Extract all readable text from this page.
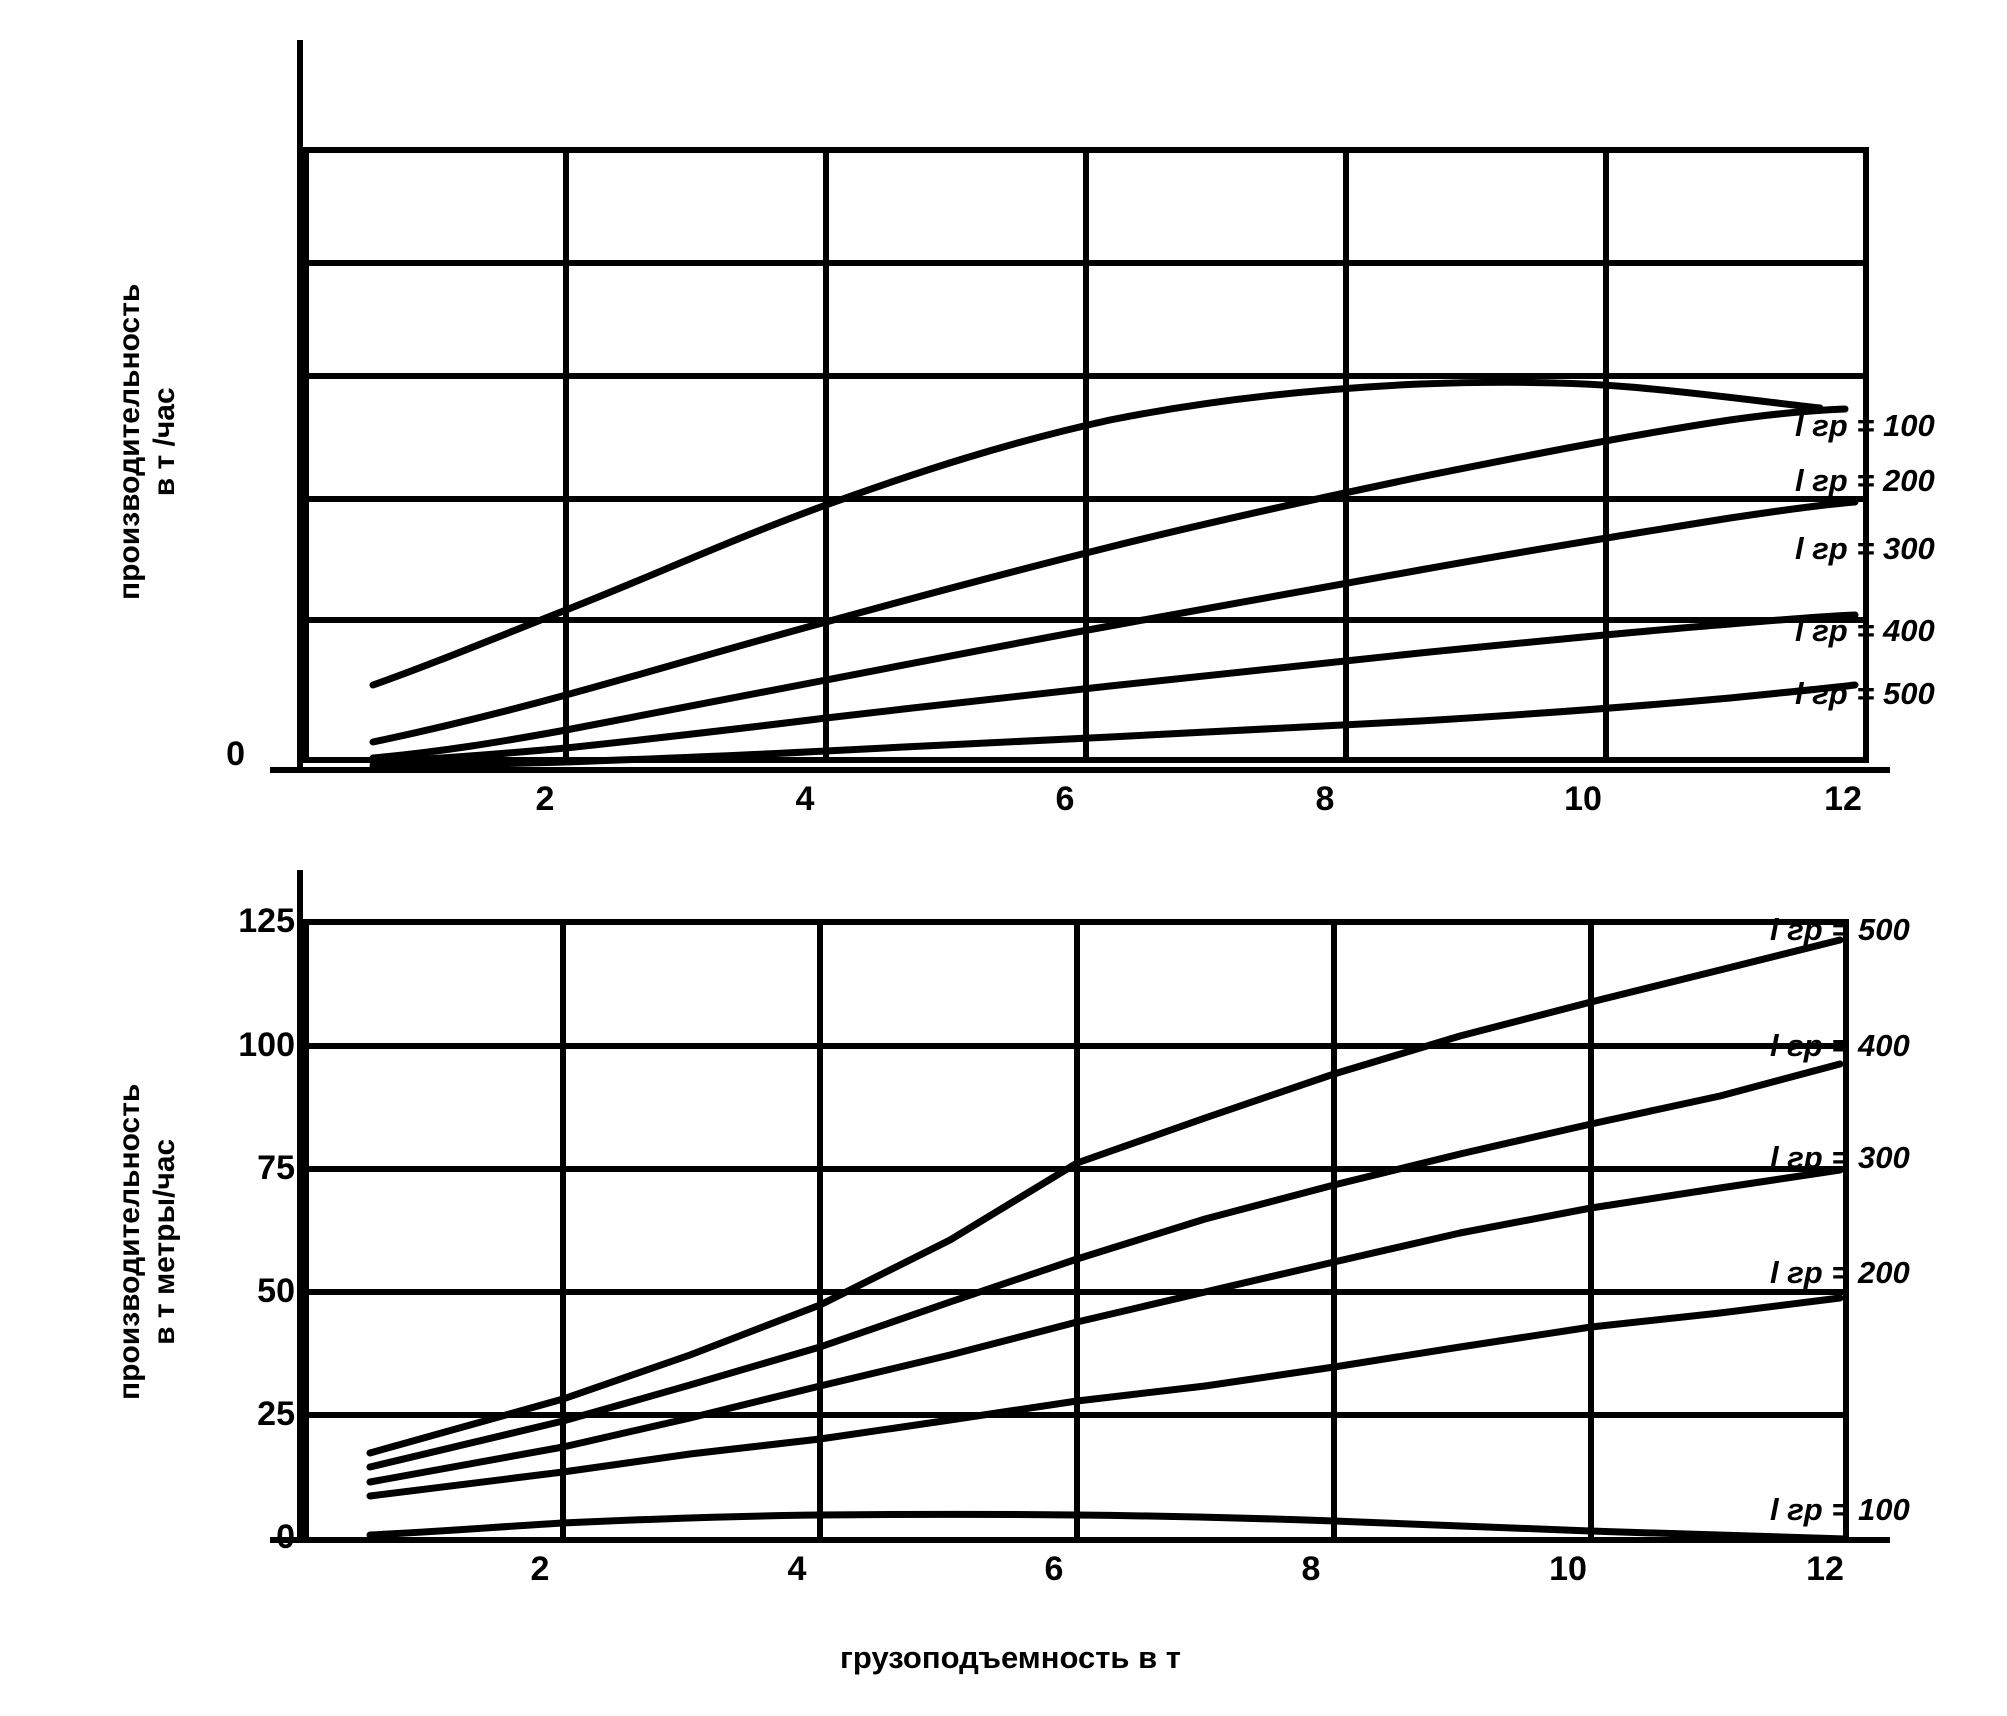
производительность в т /час
0
2	4	6	8	10	12
l гр = 100
l гр = 200
l гр = 300
l гр = 400
l гр = 500
производительность в т метры/час
125
100
75
50
25
0
2	4	6	8	10	12
l гр = 500
l гр = 400
l гр = 300
l гр = 200
l гр = 100
грузоподъемность в т
